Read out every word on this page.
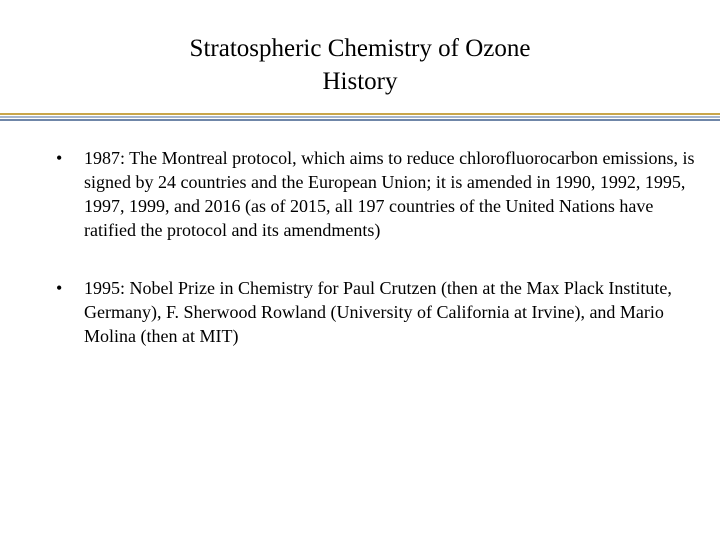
Stratospheric Chemistry of Ozone
History
•	1987: The Montreal protocol, which aims to reduce chlorofluorocarbon emissions, is signed by 24 countries and the European Union; it is amended in 1990, 1992, 1995, 1997, 1999, and 2016 (as of 2015, all 197 countries of the United Nations have ratified the protocol and its amendments)
•	1995: Nobel Prize in Chemistry for Paul Crutzen (then at the Max Plack Institute, Germany), F. Sherwood Rowland (University of California at Irvine), and Mario Molina (then at MIT)
